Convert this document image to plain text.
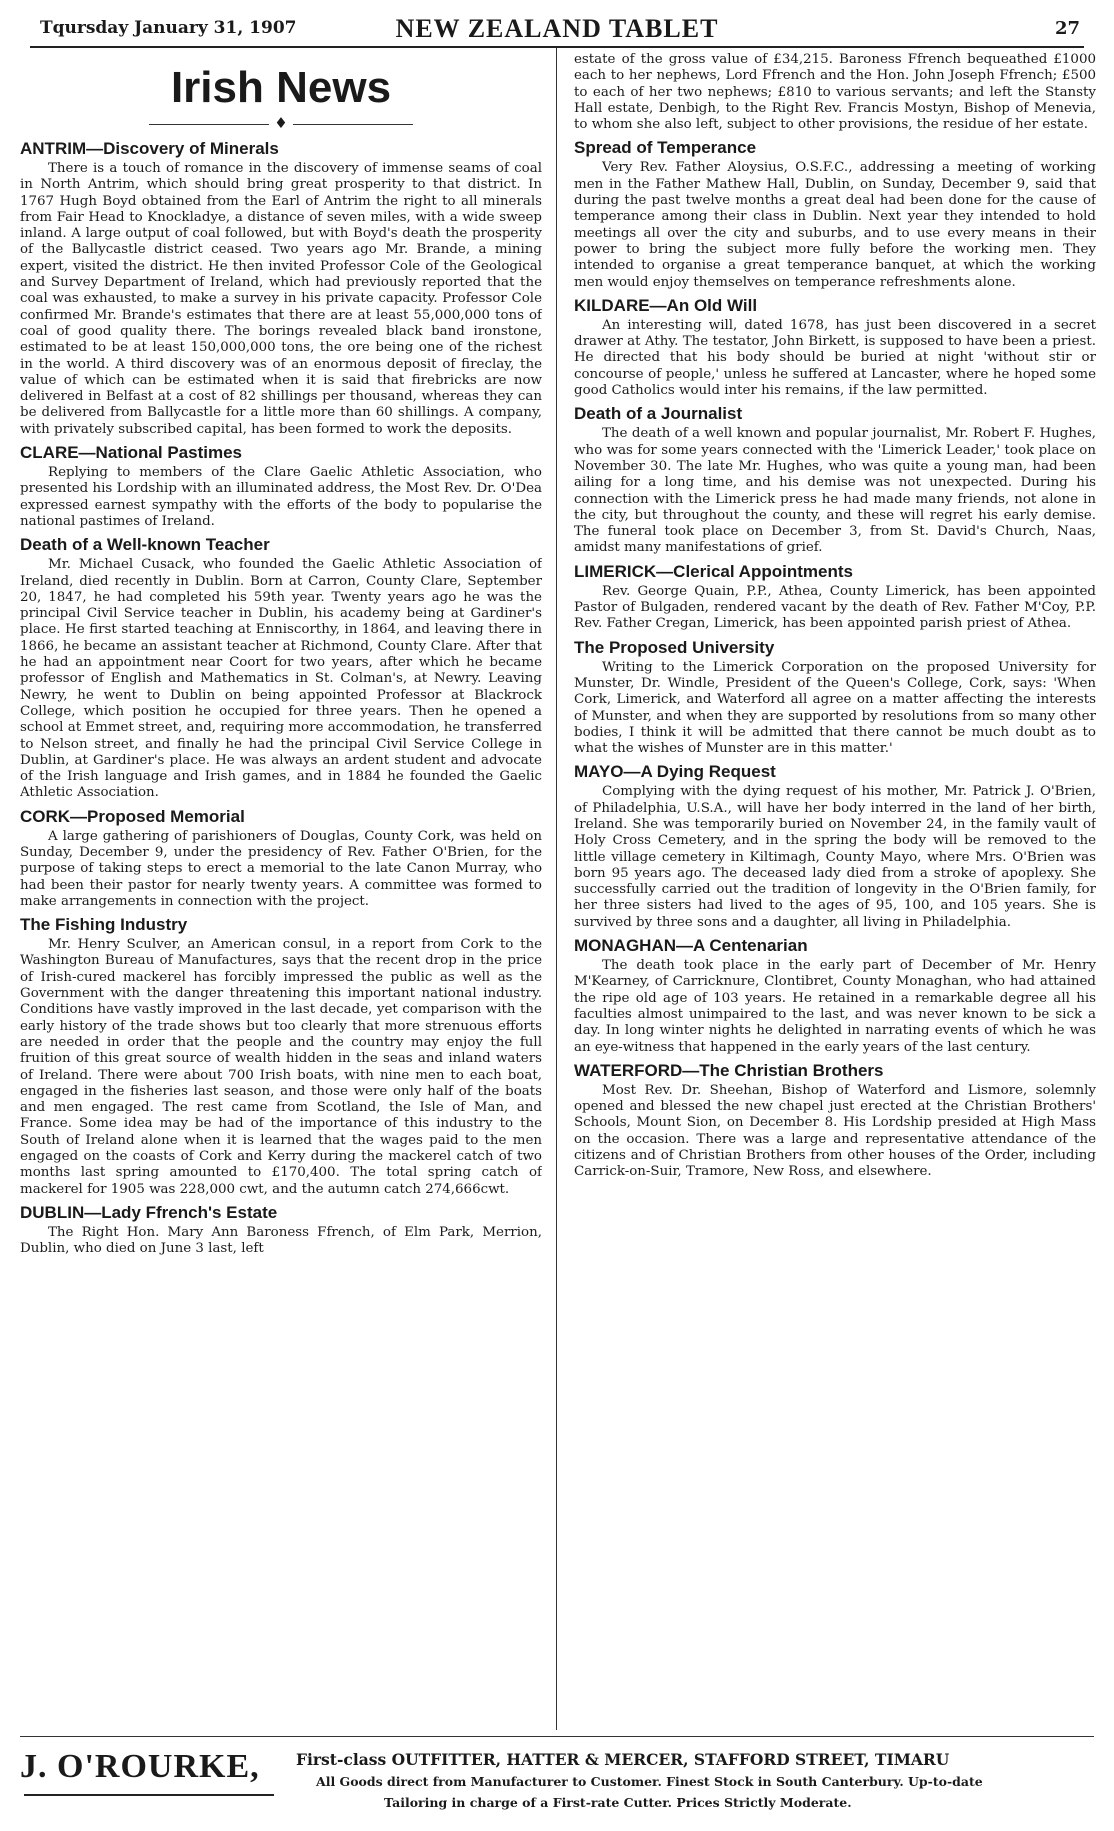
Tqursday January 31, 1907	NEW ZEALAND TABLET	27
Irish News
♦
ANTRIM—Discovery of Minerals

There is a touch of romance in the discovery of immense seams of coal in North Antrim, which should bring great prosperity to that district. In 1767 Hugh Boyd obtained from the Earl of Antrim the right to all minerals from Fair Head to Knockladye, a distance of seven miles, with a wide sweep inland. A large output of coal followed, but with Boyd's death the prosperity of the Ballycastle district ceased. Two years ago Mr. Brande, a mining expert, visited the district. He then invited Professor Cole of the Geological and Survey Department of Ireland, which had previously reported that the coal was exhausted, to make a survey in his private capacity. Professor Cole confirmed Mr. Brande's estimates that there are at least 55,000,000 tons of coal of good quality there. The borings revealed black band ironstone, estimated to be at least 150,000,000 tons, the ore being one of the richest in the world. A third discovery was of an enormous deposit of fireclay, the value of which can be estimated when it is said that firebricks are now delivered in Belfast at a cost of 82 shillings per thousand, whereas they can be delivered from Ballycastle for a little more than 60 shillings. A company, with privately subscribed capital, has been formed to work the deposits.

CLARE—National Pastimes

Replying to members of the Clare Gaelic Athletic Association, who presented his Lordship with an illuminated address, the Most Rev. Dr. O'Dea expressed earnest sympathy with the efforts of the body to popularise the national pastimes of Ireland.

Death of a Well-known Teacher

Mr. Michael Cusack, who founded the Gaelic Athletic Association of Ireland, died recently in Dublin. Born at Carron, County Clare, September 20, 1847, he had completed his 59th year. Twenty years ago he was the principal Civil Service teacher in Dublin, his academy being at Gardiner's place. He first started teaching at Enniscorthy, in 1864, and leaving there in 1866, he became an assistant teacher at Richmond, County Clare. After that he had an appointment near Coort for two years, after which he became professor of English and Mathematics in St. Colman's, at Newry. Leaving Newry, he went to Dublin on being appointed Professor at Blackrock College, which position he occupied for three years. Then he opened a school at Emmet street, and, requiring more accommodation, he transferred to Nelson street, and finally he had the principal Civil Service College in Dublin, at Gardiner's place. He was always an ardent student and advocate of the Irish language and Irish games, and in 1884 he founded the Gaelic Athletic Association.

CORK—Proposed Memorial

A large gathering of parishioners of Douglas, County Cork, was held on Sunday, December 9, under the presidency of Rev. Father O'Brien, for the purpose of taking steps to erect a memorial to the late Canon Murray, who had been their pastor for nearly twenty years. A committee was formed to make arrangements in connection with the project.

The Fishing Industry

Mr. Henry Sculver, an American consul, in a report from Cork to the Washington Bureau of Manufactures, says that the recent drop in the price of Irish-cured mackerel has forcibly impressed the public as well as the Government with the danger threatening this important national industry. Conditions have vastly improved in the last decade, yet comparison with the early history of the trade shows but too clearly that more strenuous efforts are needed in order that the people and the country may enjoy the full fruition of this great source of wealth hidden in the seas and inland waters of Ireland. There were about 700 Irish boats, with nine men to each boat, engaged in the fisheries last season, and those were only half of the boats and men engaged. The rest came from Scotland, the Isle of Man, and France. Some idea may be had of the importance of this industry to the South of Ireland alone when it is learned that the wages paid to the men engaged on the coasts of Cork and Kerry during the mackerel catch of two months last spring amounted to £170,400. The total spring catch of mackerel for 1905 was 228,000 cwt, and the autumn catch 274,666cwt.

DUBLIN—Lady Ffrench's Estate

The Right Hon. Mary Ann Baroness Ffrench, of Elm Park, Merrion, Dublin, who died on June 3 last, left

estate of the gross value of £34,215. Baroness Ffrench bequeathed £1000 each to her nephews, Lord Ffrench and the Hon. John Joseph Ffrench; £500 to each of her two nephews; £810 to various servants; and left the Stansty Hall estate, Denbigh, to the Right Rev. Francis Mostyn, Bishop of Menevia, to whom she also left, subject to other provisions, the residue of her estate.

Spread of Temperance

Very Rev. Father Aloysius, O.S.F.C., addressing a meeting of working men in the Father Mathew Hall, Dublin, on Sunday, December 9, said that during the past twelve months a great deal had been done for the cause of temperance among their class in Dublin. Next year they intended to hold meetings all over the city and suburbs, and to use every means in their power to bring the subject more fully before the working men. They intended to organise a great temperance banquet, at which the working men would enjoy themselves on temperance refreshments alone.

KILDARE—An Old Will

An interesting will, dated 1678, has just been discovered in a secret drawer at Athy. The testator, John Birkett, is supposed to have been a priest. He directed that his body should be buried at night 'without stir or concourse of people,' unless he suffered at Lancaster, where he hoped some good Catholics would inter his remains, if the law permitted.

Death of a Journalist

The death of a well known and popular journalist, Mr. Robert F. Hughes, who was for some years connected with the 'Limerick Leader,' took place on November 30. The late Mr. Hughes, who was quite a young man, had been ailing for a long time, and his demise was not unexpected. During his connection with the Limerick press he had made many friends, not alone in the city, but throughout the county, and these will regret his early demise. The funeral took place on December 3, from St. David's Church, Naas, amidst many manifestations of grief.

LIMERICK—Clerical Appointments

Rev. George Quain, P.P., Athea, County Limerick, has been appointed Pastor of Bulgaden, rendered vacant by the death of Rev. Father M'Coy, P.P. Rev. Father Cregan, Limerick, has been appointed parish priest of Athea.

The Proposed University

Writing to the Limerick Corporation on the proposed University for Munster, Dr. Windle, President of the Queen's College, Cork, says: 'When Cork, Limerick, and Waterford all agree on a matter affecting the interests of Munster, and when they are supported by resolutions from so many other bodies, I think it will be admitted that there cannot be much doubt as to what the wishes of Munster are in this matter.'

MAYO—A Dying Request

Complying with the dying request of his mother, Mr. Patrick J. O'Brien, of Philadelphia, U.S.A., will have her body interred in the land of her birth, Ireland. She was temporarily buried on November 24, in the family vault of Holy Cross Cemetery, and in the spring the body will be removed to the little village cemetery in Kiltimagh, County Mayo, where Mrs. O'Brien was born 95 years ago. The deceased lady died from a stroke of apoplexy. She successfully carried out the tradition of longevity in the O'Brien family, for her three sisters had lived to the ages of 95, 100, and 105 years. She is survived by three sons and a daughter, all living in Philadelphia.

MONAGHAN—A Centenarian

The death took place in the early part of December of Mr. Henry M'Kearney, of Carricknure, Clontibret, County Monaghan, who had attained the ripe old age of 103 years. He retained in a remarkable degree all his faculties almost unimpaired to the last, and was never known to be sick a day. In long winter nights he delighted in narrating events of which he was an eye-witness that happened in the early years of the last century.

WATERFORD—The Christian Brothers

Most Rev. Dr. Sheehan, Bishop of Waterford and Lismore, solemnly opened and blessed the new chapel just erected at the Christian Brothers' Schools, Mount Sion, on December 8. His Lordship presided at High Mass on the occasion. There was a large and representative attendance of the citizens and of Christian Brothers from other houses of the Order, including Carrick-on-Suir, Tramore, New Ross, and elsewhere.

J. O'ROURKE, First-class OUTFITTER, HATTER & MERCER, STAFFORD STREET, TIMARU
All Goods direct from Manufacturer to Customer. Finest Stock in South Canterbury. Up-to-date
Tailoring in charge of a First-rate Cutter. Prices Strictly Moderate.
